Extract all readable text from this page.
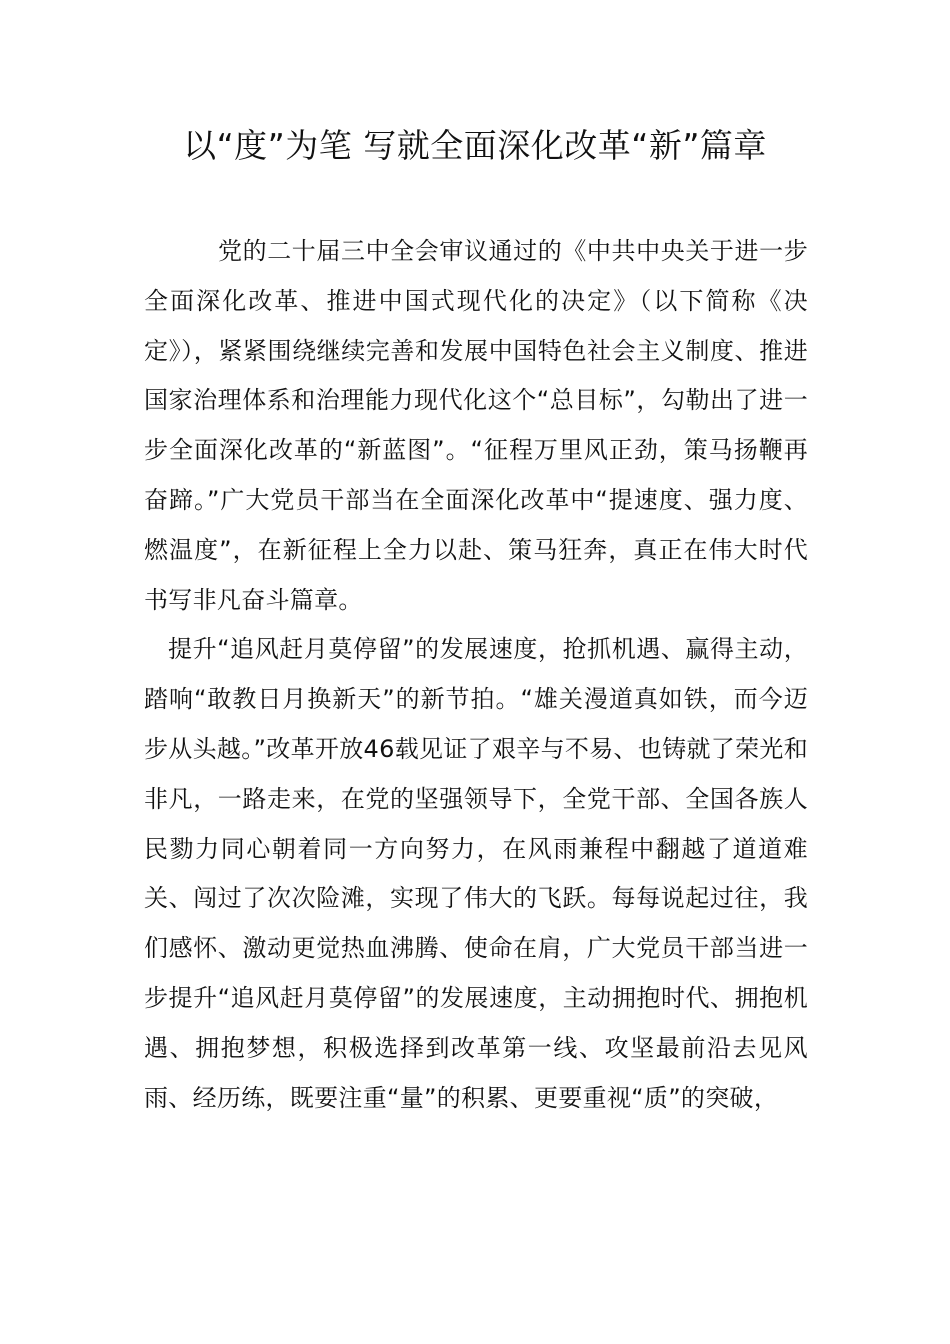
以“度”为笔 写就全面深化改革“新”篇章

党的二十届三中全会审议通过的《中共中央关于进一步全面深化改革、推进中国式现代化的决定》（以下简称《决定》），紧紧围绕继续完善和发展中国特色社会主义制度、推进国家治理体系和治理能力现代化这个“总目标”，勾勒出了进一步全面深化改革的“新蓝图”。“征程万里风正劲，策马扬鞭再奋蹄。”广大党员干部当在全面深化改革中“提速度、强力度、燃温度”，在新征程上全力以赴、策马狂奔，真正在伟大时代书写非凡奋斗篇章。

提升“追风赶月莫停留”的发展速度，抢抓机遇、赢得主动，踏响“敢教日月换新天”的新节拍。“雄关漫道真如铁，而今迈步从头越。”改革开放46载见证了艰辛与不易、也铸就了荣光和非凡，一路走来，在党的坚强领导下，全党干部、全国各族人民勠力同心朝着同一方向努力，在风雨兼程中翻越了道道难关、闯过了次次险滩，实现了伟大的飞跃。每每说起过往，我们感怀、激动更觉热血沸腾、使命在肩，广大党员干部当进一步提升“追风赶月莫停留”的发展速度，主动拥抱时代、拥抱机遇、拥抱梦想，积极选择到改革第一线、攻坚最前沿去见风雨、经历练，既要注重“量”的积累、更要重视“质”的突破，
